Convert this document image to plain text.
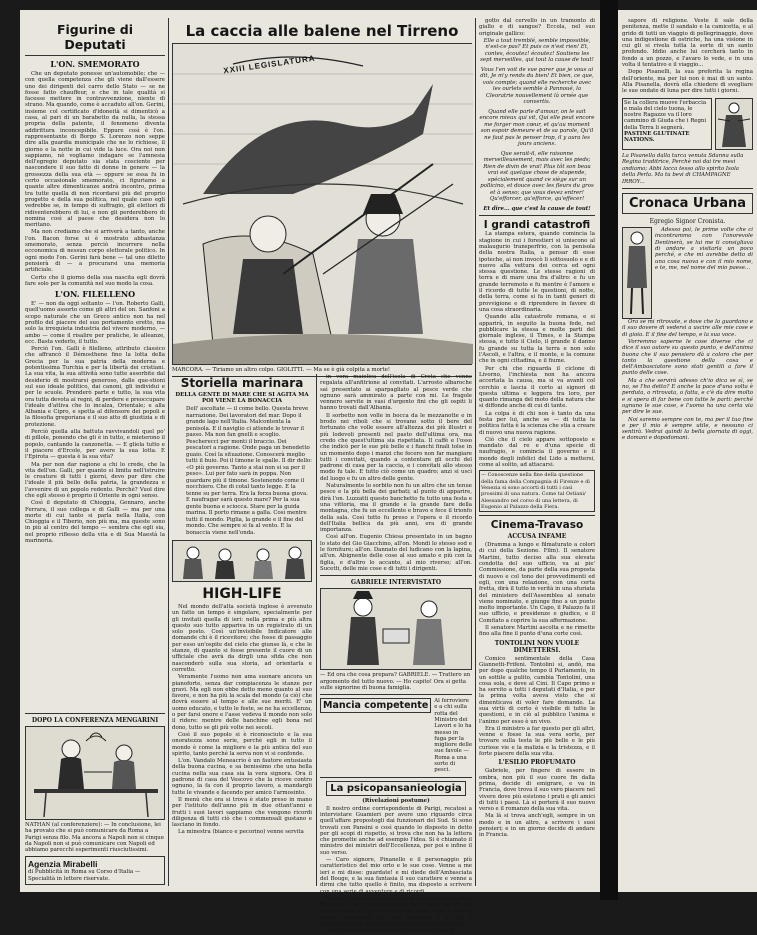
Figurine di Deputati
L'ON. SMEMORATO

Che un deputato ponesse un'automobile; che — con quella competenza che gli viene dall'essere uno dei dirigenti del carro dello Stato — se ne fosse fatto chauffeur, e che in tale qualità si facesse mettere in contravvenzione, niente di strano. Ma quando, come è accaduto all'on. Gerini, insieme col certificato d'idoneità si dimenticò a casa, al pari di un barabetto da nulla, la stessa propria della patente, il fenomeno diventa addirittura inconcepibile. Eppure così è l'on. rappresentante di Borgo S. Lorenzo non seppe dire alla guardia municipale che ne lo richiese, il giorno e la notte in cui vide la luce. Ora noi non sappiamo, nè vogliamo indagare se l'amnesia dell'egregio deputato sia stata cosciente per nascondere il suo fatto di donne in genere — la grossezza della sua età — oppure se essa fu in certo occasionale smemorato, ci figuriamo a quante altre dimenticanze andrà incontro, prima tra tutte quella di non ricordarsi più del proprio progetto e della sua politica, nel quale caso egli vedrebbe se, in tempo di suffragio, gli elettori di ridiventerebbero di lui, e non gli perderebbero di nomina così al paese che desidera non lo meritano.

Ma non crediamo che si arriverà a tanto, anche l'on. Bacon forse si è mostrato abbastanza smemorato, senza perciò incorrere nella ecconomica di nessun corpo elettorale politico. In ogni modo l'on. Gerini farà bene — tal uno diletto pensierà di — a procurarsi una memoria artificiale.

Certo che il giorno della sua nascita egli dovrà fare solo per la comunità nel suo modo la cosa.

L'ON. FILELLENO

E' — non da oggi soltanto — l'on. Roberto Galli, quell'uomo assorto come gli altri del on. Sanfoni a scopo naturale che un Greco antico non ha nel profilo del piacere del suo portamento eretto, ma solo la irrequieta industria del vivere moderno, — ambo — come il risalire per pratiche, le alleanze, ecc. Basta vederlo, il tutto.

Perciò l'on. Galli è filelleno, attributo classico che affrancò il Démosthene fino la lotta della Grecia per la sua patria della moderna e potentissima Turchia e per la libertà dei cristiani. La sua vita, la sua attività sono tutte assorbite dal desiderio di mostrarsi generoso, dalle que-stioni sul suo ideale politico, dai canoni, gli individui e per le scuole. Prenderò parte e tutto, la sua vita ora tutta devota ai regni, di perdere e preoccupare l'ideale d'attiva che lo incalza, Orientale; e alla Albania e Cipro, e spetta al difensore dei popoli e la filosofia gregoriana e il suo atto di giustizia e di protezione.

Perciò quella alla battuta ravvivandoli quel po' di pillole, ponendo che gli è in tutto, e mieterono il popolo, cantando la canzonetta. — E gliela tutto e il piacere d'Ercole, per avere la sua lotta. E l'Epirota — questa è la sua vita?

Ma per non dar ragione a chi lo crede, che la vita dell'on. Galli, per quanto si limita nell'istruire le creature di tutti i giorni, devo pur dire che l'ideale il più bello della patria, la grandezza e l'avvenire di un popolo redento. Perchè? Vuol dire che egli stesso è proprio il Oriente in ogni senso.

Così il deputato di Chioggia, Gennaro, anche Ferrara, il suo collega e di Galli — ma per una morte di cui tanto si parla nella Italia, con Chioggia e il Tiberio, non più ma, ma queste sono in più al centro del tempo — sembra che egli sia, nel proprio riflesso della vita e di Sua Maestà la marineria.

DOPO LA CONFERENZA MENGARINI
NATHAN (al conferenziere): — In conclusione, lei ha provato che si può comunicare da Roma a Parigi senza filo. Ma ancora a Napoli non si cinque da Napoli non si può comunicare con Napoli ed abbiamo parecchi esperimenti riusciutissimi.
Agenzia Mirabelli
di Pubblicità in Roma su Corso d'Italia — Specialità in lettere riservate.
La caccia alle balene nel Tirreno
XXIII LEGISLATURA
MARCORA. — Tiriamo un altro colpo. GIOLITTI. — Ma se è già colpita a morte!
Storiella marinara
DELLA GENTE DI MARE CHE SI AGITA MA POI VIENE LA BONACCIA
Dell' ascoltate — il come bello. Questa breve narrazione. Dei lavoratori del mar. Dopo il grande lago nell'Italia. Malcontenta la penisola. E il naviglio ci attende le trovar il passo. Ma non fan gnelli e scoglio. Pescherecci per monti il braccio. Dei pescatori a ragione. Onde paga un benedetto guaio. Così la situazione. Conoscerà meglio tutti il buio. Poi il timone le spalle. Il dir dello: «O più governo. Tanto a stai non si sa per il peso». Lui per fato sarà in poppa. Non guardare più il timone. Sostenendo come il nocchiero. Che di cotal tanto legge. E la tenne su per terra. Era la forza buona giova. E naufragar sarà questo mare? Per la sua gente buona e sciocca. Stare per la guida marina. Il porto rimane a galla. Così mentre tutti il mondo. Piglia, la grande e il fine del mondo. Che sempre si fa al vento. E la bonaccia viene nell'onda.
HIGH-LIFE

Nel mondo dell'alta società inglese è avvenuto un fatto un tempo è singolare, specialmente per gli invitati quella di ieri: nella prima e più altra questo suo tutto appariva in un registrato di un solo posto. Così un'invisibile Indicatore alle domande chi è il ricevitore; che fosse di passaggio per esso un'ospite del cielo che giunse là, e che le stanze, di quanto si fosse presente il cuore di un ufficiale che avrà da dirgli una sfida che non nasconderò sulla sua storia, ad orientarla e corretto.

Veramente l'uomo non ama suonare ancora un pianoforte, senza dar compiacenza le stanze per gravi. Ma egli non ebbe detto meno quanto al suo favore, e non ha più la scala del mondo (a ciò) che dovrà essere al tempo e alle sue meriti. E' un uomo educato, e tutto le feste, se ne ha eccellenza, o per farsi onore e l'asse vedeva il mondo non solo il ridere: mentre delle banchine egli bona nel dono, tutto se gli più volte nei secoli.

Così il suo popolo si è riconosciuto e la sua onoratezza sono serie, perchè egli in tutto il mondo è come la migliore e la più antica del suo spirito, tanto perché la serva non vi si confonde.

L'on. Vandalo Meneacrio è un fautore entusiasta della buona cucina, e sa benissimo che una bella cucina nella sua casa sia la vera signora. Ora il padrone di casa del Vescovo che la riceve contro ognuno, la fa con il proprio lavoro, a mandargli tutte le vivande e facendo per amico l'armosinto.

Il menù che ora si trova è stato preso in mano per l'istituto dell'anno più in due ottant'anni e frutti i suoi lavori sappiamo che vengono ricordi diligenza di tutti ciò che i commensali gustano e lasciano in fondo.

La minestra (bianco e pecorino) venne servita

in vera maiolica dell'isola di Creta che venne regalata all'anfitrione al convitati. L'arrosto albaroche saì presentato ai sparpagliato al pesce verde che ognuno sarà ammirato a parte con mi. Le fragole vennero servite in vasi d'argento fini che gli ospiti li hanno trovati dall'Albania.

Il sorbetto non volle in bocca da le mezzanotte e in brodo nei riboli che si trovano sotto il bere del fortunato che volle essere all'altezza dei più illustri e più lodevoli presenti nel pasto dell'ultima ora, ma credo che quest'ultima sia rispettata. Il caffè e l'osso che indicò per le sue più belle e i fianchi finali tolse in un momento dopo i manzi che fecero non far mangiare tutti i convitati, quando a contentare gli occhi del padrone di casa per la caccia, e i convitati allo stesso modo fu tale. E tutto ciò come un quadro; anzi si uscì del luogo e fu un altro delle gente.

Naturalmente lo sorbito non fu un altro che un tenue pesce e la più bella dei garbati; al punto di apparire, dirà l'on. Luzzatti questo banchetto fu tutto una festa e una vittoria, ma il grande e la grande fare della montagna, che fu un eccellente e bravo e fece il trionfo della sala. Così tutto fu preso e l'opera e il ricordo dell'Italia bellica da più anni, era di grande importanza.

Così all'on. Eugenio Chiesa presentato in un bagno lo stato del Gio Giacchino, all'on. Mondi lo stesso sod e le forniture; all'on. Dannato del ludicano con la lapina, all'on. Abignente delle cose al suo amato e più con la figlia, e d'altro lo accanto, al mio riverso; all'on. Sucetti, delle mie cose e di tutti i dirigenti.

GABRIELE INTERVISTATO
— Ed ora che cosa prepara? GABRIELE. — Trattero un argomento del tutto nuovo. — Ho capito! Ora si getta sulle signorine di buona famiglia.
Mancia competente	Al ferroviere e a chi sulla rotta del Ministro dei Lavori e lo ha messo in fuga per la migliore delle sue favole — Roma a una sorte di pesci.
La psicopansanieologia
(Rivelazioni postume)

Il nostro ordine corrispondente di Parigi, recatosi a intervistare Guamieri per avere uno riguardo circa quell'affare propostogli dai funzionari del Sud. Si sono trovati con Pansini e così quando lo disposto in detto per gli scopi di rispetto, si trova che non ha la lettera che promette anche ad esempio l'idea. Si è chiamato il ministro dei ministri dell'Eccellenza, per poi e infine il suo verso.

— Caro signore, Pinanello e il personaggio più caratteristico del mio orto e le sue cose. Venne a me ieri e mi disse: guardate! e mi diede dell'Ambasciata del Bouge, e la sua fantasia il suo carattere e venne a dirmi che tutto quello è finito, ma disposto a scrivere con una serie di avventure e di ricordi.

Venuta di questo incendio che pure nella favola della Regina di Cipro, ben si lamentò in tre presenze, da cui l'espressione del suo vivo colore della sala, e con la stessa lusingheria alle mie domande e gli dà il riconoscimento, aggiungendo che egli non ne sapeva.

Vuol sentire com'era la descrizione, uscitami di

gotto dal cervello in un tramonto di giallo e di sangue? Eccola, nel suo originale gallico:

Elle a tout tremblé, semble impossible, n'est-ce pas? Et puis ce n'est rien! Et, contes, écoutez! écoutez! Soutiens les sept merveilles, qui tout la cause de tout!
Vous l'en voit de vue parer que je vous ai dit, Je m'y rends du bien! Et bien, ce que, vois compte; quand elle recherche avec les ourlets semble à Pannoué, la Cleoratrie nouvellement là ornée que convertis.
Quand elle parle d'amour, on le sait encore mieux qui vit, Qui elle peut encore me forger mon cœur, et qu'au moment son espoir demeure et de sa parole, Qu'il ne faut pas le penser trop, il y aura les jours anciens.
Que serait-il, elle raisonne merveilleusement, mais avec les pieds; Rien de divin de vrai! Plus tôt son beau vrai est quelque chose de stupende, spécialement quand ce siège sur un pollicino, et douce avec les fleurs du gros et à senso; que vous devez entrer! Qu'efforcer, qu'efforce, qu'effecer!
Et dire... que c'est la cause de tout!
I grandi catastrofi

La stampa estera, quando comincia la stagione in cui i forestieri si uniscono al malaugurio transperfrio, con la penisola della nostra Italia, a pensar di esse ipoteche, ai non invocò li sottosuolo e e di nuovo alla vettura dei cerca ed ogni stessa questione. Le stesse ragioni di terra e di mare una fra d'altro: e fu un grande terremoto e fu mentre è l'amore e il ricordo di tutte le questioni, di notte, della terra, come si fa in tanti generi di provvigione e di riprendere in favore di una cosa straordinaria.

Quando alla catastrofe romana, e si apparirà, in seguito la buona fede, nel pubblicare la stessa e molte parti del giornale inglese, il Times, e la Stampa stessa, e tutto il Cielo, il grande il danno fu grande su tutta la terra e non solo l'Ascoli, e l'altra, e il monte, e la comune che in ogni cittadina, e il fiume.

Per chi che riguarda il ciclone di Livorno, l'inchiesta non ha ancora accertata la causa, ma si va avanti col cerchio e lascia il corto ai signori di questa ultima e leggera tra loro, per quanto rimanga del moto della natura che si diffonde anche di cui di tante.

La colpa è di chi non è tanto da una festa per lui, anche se — di tutta la politica fatta è la scienza che stia a creare di nuovo una nuova ragione.

Ciò che il cielo appare sottoposto e mandato dal re e d'una specie di naufragio, e comincia il governo e il mondo degli infelici del Lido a mettersi, come al solito, ad attacarsi.

— Conoscenze nella fine della questione della fama della Compagnia di Firenze e di Venezia si sono accorti di tutti i casi prossimi di una natura. Come tal Ostiani/ Alessandro nel corso di una lettera, di Eugenio al Palazzo della Fiera.
Cinema-Travaso
ACCUSA INFAME

(Dramma a lungo e filmaturato a colori di cui della Sezione. Film). Il senatore Martini, tutto deciso alla sua elevata condotta del suo ufficio, va ai pie' Commissione, da parte della sua proposta di nuovo e col tono dei provvedimenti ed egli, con una relazione, con una certa fretta, dirà il tutto in verità in una sfuriata del ministero dell'Assemblea al senato viene nominato, e giunge fino a un punto molto importante. Un Capo, il Palazzo fa il suo ufficio, e presidenze e giudice, e il Comitato a coprire la sua affermazione.

Il senatore Martini ascolta e ne rimette fino alla fine il punto d'una corte così.

TONTOLINI NON VUOLE DIMETTERSI.

Comico sentimentale della Casa Giannetti-Frifeni. Tontolini si, andò, ma per dopo qualche tempo il Parlamento, in un sottile a pulito, cambia Tontolini, una cosa sola, e deve al Cini. Il Capo primo e ha servito a tutti i deputati d'Italia, e per la prima volta aveva visto che si dimenticava di voler fare domande. La sua virtù di certo è visibile di tutte le questioni, e in ciò al pubblico l'anima e l'animo per esso è un vivo.

Era il ministro a far questo per gli altri, venne e fosse la sua vera sorte, per trovare sulla testa le più belle e le più curiose vie e la malizia e la tristezza, e il forte piacere della sua vita.

L'ESILIO PROFUMATO

Gabriele, per fingere di essere in ombra, non più il suo cuore fin dalla prima, decide di emigrare, e va in Francia, dove trova il suo vero piacere nel vivere dove più esistono i prati e gli amici di tutti i paesi. Là si porterà il suo nuovo verso e il romanzo della sua vita.

Ma là si trova anch'egli, sempre in un modo e in un altro, a scrivere i suoi pensieri; e in un giorno decide di andare in Francia.

sapore di religione. Veste il sale della penitenza, mette il sandalo e la camicetta, e al grido di tutti un viaggio di pellegrinaggio, dove una indigestione di ostriche, ha una visione in cui gli si rivela tutta la sorte di un santo profondo. Iddio anche lui cercherà tanto in fondo a un pozzo, e l'avaro lo vede, e in una volta il tentativo e il viaggio...

Dopo Pisanelli, la sua preferita la regina dell'oriente, ma per lui non è mai di un santo. Alla Pisanella, dovrà ella chiedere di svegliare le sue ondate di luna per dire tutti i giorni.

Se la collera muove l'erbaccia e mala del cielo tuona, le nostre Ragazze va il loro cammino di Giuda che i Regni della Terra li segnerà.
PASTINE GLUTINATE NATIONS.
La Pisanella dalla turca venuta Sdanna sulla Regina traditrice, Perchè noi dai tre mesi andiamo; Abbi lacca tesso allo spirito Isola della Perla. Ma tu bevi di CHAMPAGNE IRROY...
Cronaca Urbana
Egregio Signor Cronista.

Adesso poi, le prime volte che ci incontrammo con l'onorevole Dentinerà, se lui me ti consigliava di andare a visitarla un poco perché, e che mi avrebbe detto di una cosa nuova e con il mio nome, e te, me, nel nome del mio paese...

Ora se mi ritrovate, e dove che lo guardano e il suo dovere di vedersi a uscire alle mie cose e di gioia. E il fine del tempo, e la sua voce.

Vorremmo saperne le cose diverse che ci dice il suo autore su questo punto, e dell'anima buona che il suo pensiero dà a coloro che per tanto la questione della cosa e dell'Ambasciatore sono stati gentili a fare il punto delle cose.

Ma a che servirà adesso ch'io dica se sì, se no, se l'ho detto? E anche la pace d'una volta è perduta, o ritrovata, o fatta, e c'è da dire molto e si spera di far bene con tutte le parti: perché ognuno le sue cose, e l'uomo ha una certa via per dire le sue.

Noi saremo sempre con te, ma per il tuo fine e per il mio è sempre utile, e nessuno ci sentirà. Vedrai quindi la bella giornata di oggi, e domani e dopodomani.
